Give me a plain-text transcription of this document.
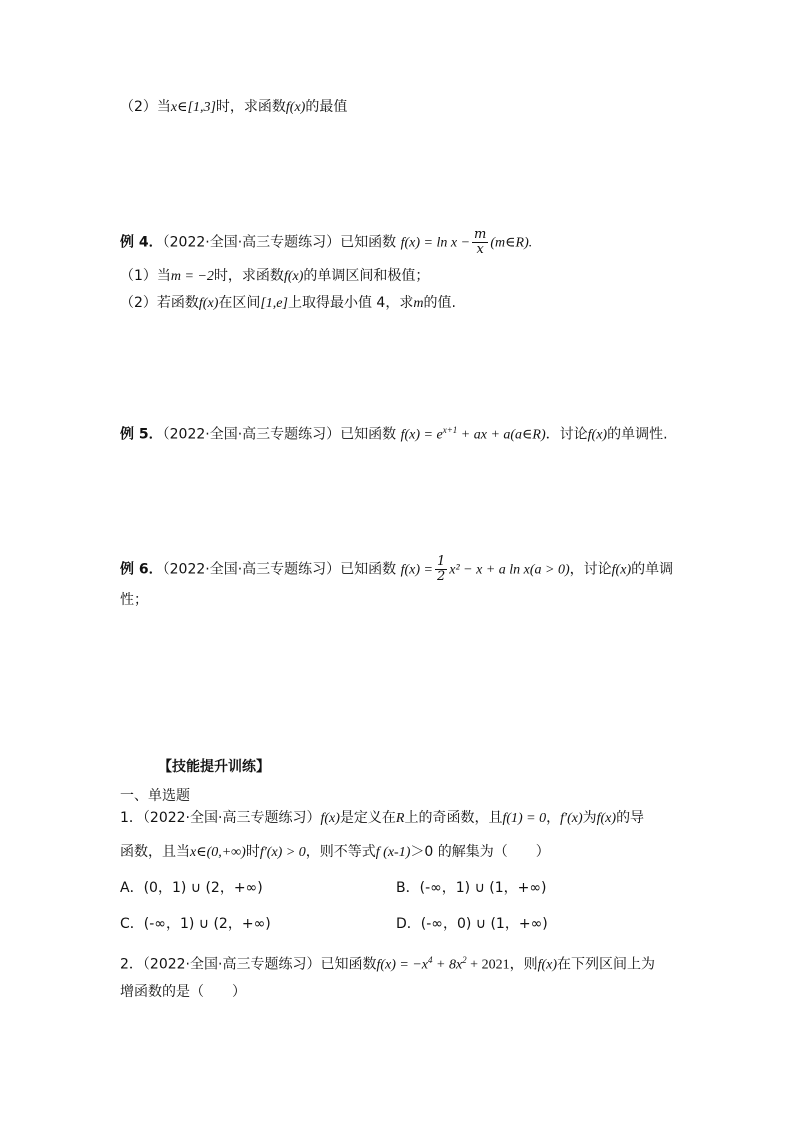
（2）当x∈[1,3]时，求函数f(x)的最值
例 4．（2022·全国·高三专题练习）已知函数 $f(x) = \ln x - \frac{m}{x}$ (m∈R).
（1）当m = −2时，求函数f(x)的单调区间和极值；
（2）若函数f(x)在区间[1,e]上取得最小值 4，求m的值.
例 5．（2022·全国·高三专题练习）已知函数 $f(x) = e^{x+1}$ + ax + a(a∈R)．讨论f(x)的单调性.
例 6．（2022·全国·高三专题练习）已知函数 $f(x) = \frac{1}{2} x^2 - x + a$ ln x(a > 0)，讨论f(x)的单调
性；
【技能提升训练】
一、单选题
1．（2022·全国·高三专题练习）f(x)是定义在R上的奇函数，且f(1) = 0，f′(x)为f(x)的导
函数，且当x∈(0,+∞)时f′(x) > 0，则不等式f (x-1)＞0 的解集为（　　）
A．(0，1) ∪ (2，+∞)	B．(-∞，1) ∪ (1，+∞)
C．(-∞，1) ∪ (2，+∞)	D．(-∞，0) ∪ (1，+∞)
2．（2022·全国·高三专题练习）已知函数$f(x) = -x^4 + 8x^2 + 2021$，则f(x)在下列区间上为
增函数的是（　　）
